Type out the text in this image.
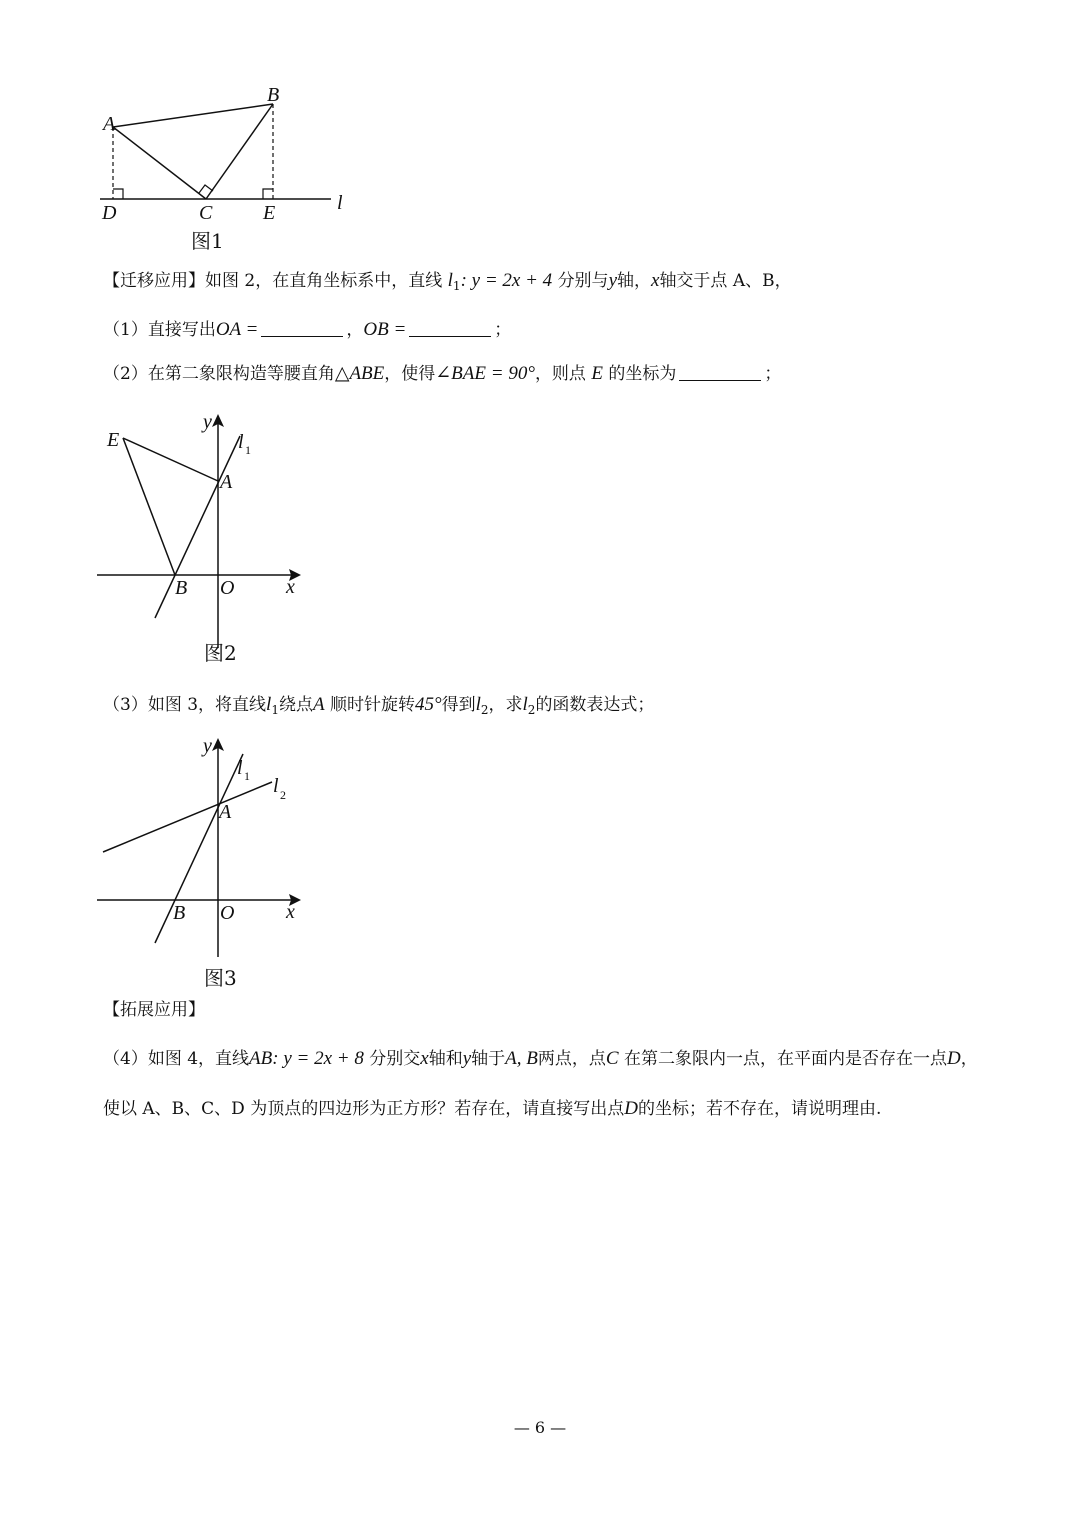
A
B
C
D	E	l
图1
【迁移应用】如图 2，在直角坐标系中，直线 $l_1$: y = 2x + 4 分别与y轴，x轴交于点 A、B，
（1）直接写出OA =	，OB =	；
（2）在第二象限构造等腰直角△ABE，使得∠BAE = 90°，则点 E 的坐标为	；
E
y
l 1
A
B O	x
图2
（3）如图 3，将直线$l_1$绕点A 顺时针旋转45°得到$l_2$，求$l_2$的函数表达式；
y
l 1 l 2
A
B O	x
图3
【拓展应用】
（4）如图 4，直线AB: y = 2x + 8 分别交x轴和y轴于A, B两点，点C 在第二象限内一点，在平面内是否存在一点D，使以 A、B、C、D 为顶点的四边形为正方形？若存在，请直接写出点D的坐标；若不存在，请说明理由.
— 6 —
